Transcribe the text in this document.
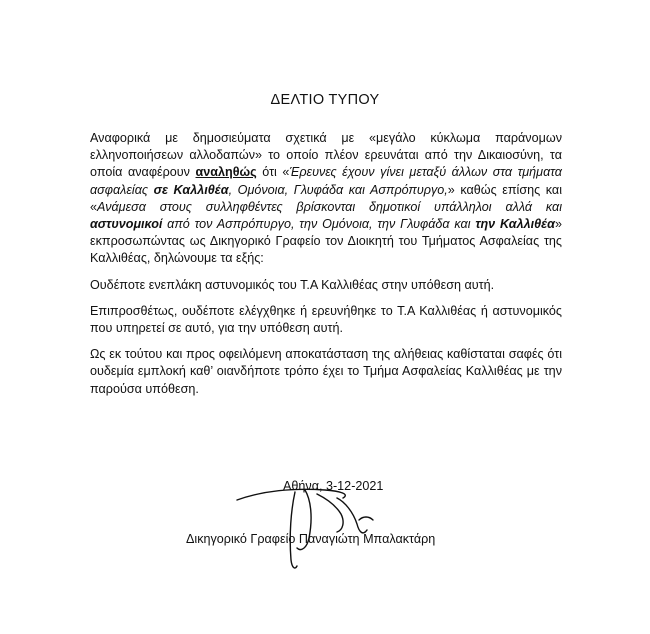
ΔΕΛΤΙΟ ΤΥΠΟΥ

Αναφορικά με δημοσιεύματα σχετικά με «μεγάλο κύκλωμα παράνομων ελληνοποιήσεων αλλοδαπών» το οποίο πλέον ερευνάται από την Δικαιοσύνη, τα οποία αναφέρουν αναληθώς ότι «Έρευνες έχουν γίνει μεταξύ άλλων στα τμήματα ασφαλείας σε Καλλιθέα, Ομόνοια, Γλυφάδα και Ασπρόπυργο,» καθώς επίσης και «Ανάμεσα στους συλληφθέντες βρίσκονται δημοτικοί υπάλληλοι αλλά και αστυνομικοί από τον Ασπρόπυργο, την Ομόνοια, την Γλυφάδα και την Καλλιθέα» εκπροσωπώντας ως Δικηγορικό Γραφείο τον Διοικητή του Τμήματος Ασφαλείας της Καλλιθέας, δηλώνουμε τα εξής:

Ουδέποτε ενεπλάκη αστυνομικός του Τ.Α Καλλιθέας στην υπόθεση αυτή.

Επιπροσθέτως, ουδέποτε ελέγχθηκε ή ερευνήθηκε το Τ.Α Καλλιθέας ή αστυνομικός που υπηρετεί σε αυτό, για την υπόθεση αυτή.

Ως εκ τούτου και προς οφειλόμενη αποκατάσταση της αλήθειας καθίσταται σαφές ότι ουδεμία εμπλοκή καθ’ οιανδήποτε τρόπο έχει το Τμήμα Ασφαλείας Καλλιθέας με την παρούσα υπόθεση.

Αθήνα, 3-12-2021
Δικηγορικό Γραφείο Παναγιώτη Μπαλακτάρη
